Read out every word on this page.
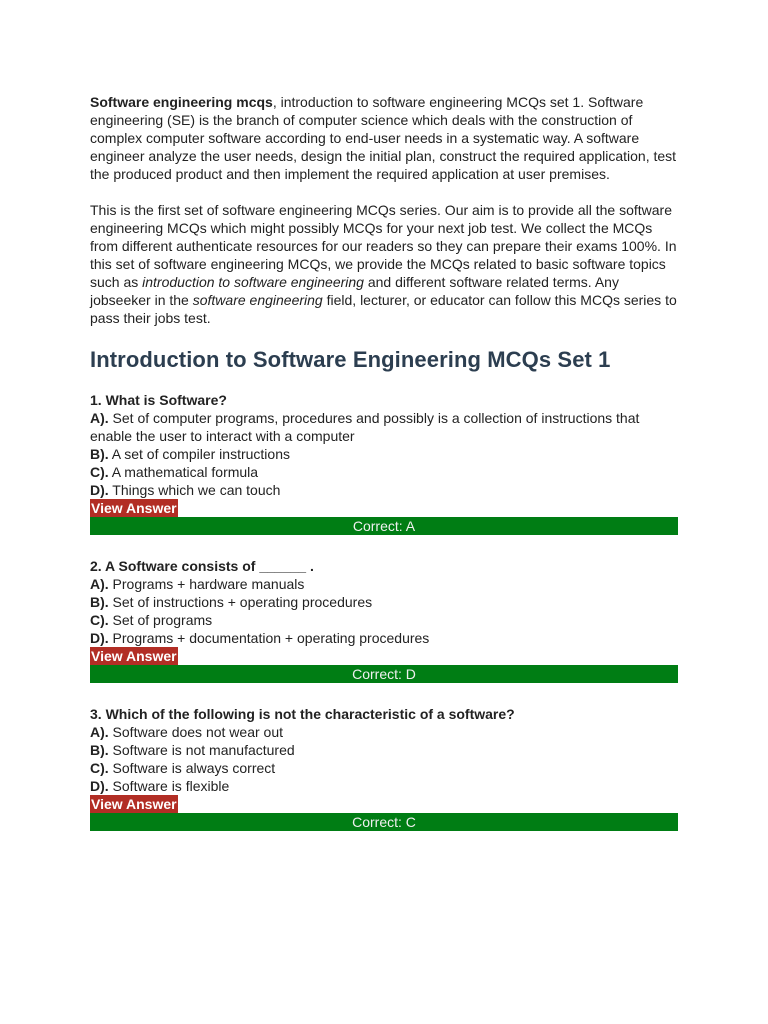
Software engineering mcqs, introduction to software engineering MCQs set 1. Software engineering (SE) is the branch of computer science which deals with the construction of complex computer software according to end-user needs in a systematic way. A software engineer analyze the user needs, design the initial plan, construct the required application, test the produced product and then implement the required application at user premises.

This is the first set of software engineering MCQs series. Our aim is to provide all the software engineering MCQs which might possibly MCQs for your next job test. We collect the MCQs from different authenticate resources for our readers so they can prepare their exams 100%. In this set of software engineering MCQs, we provide the MCQs related to basic software topics such as introduction to software engineering and different software related terms. Any jobseeker in the software engineering field, lecturer, or educator can follow this MCQs series to pass their jobs test.

Introduction to Software Engineering MCQs Set 1
1. What is Software?
A). Set of computer programs, procedures and possibly is a collection of instructions that enable the user to interact with a computer
B). A set of compiler instructions
C). A mathematical formula
D). Things which we can touch
View Answer
Correct: A
2. A Software consists of ______ .
A). Programs + hardware manuals
B). Set of instructions + operating procedures
C). Set of programs
D). Programs + documentation + operating procedures
View Answer
Correct: D
3. Which of the following is not the characteristic of a software?
A). Software does not wear out
B). Software is not manufactured
C). Software is always correct
D). Software is flexible
View Answer
Correct: C
